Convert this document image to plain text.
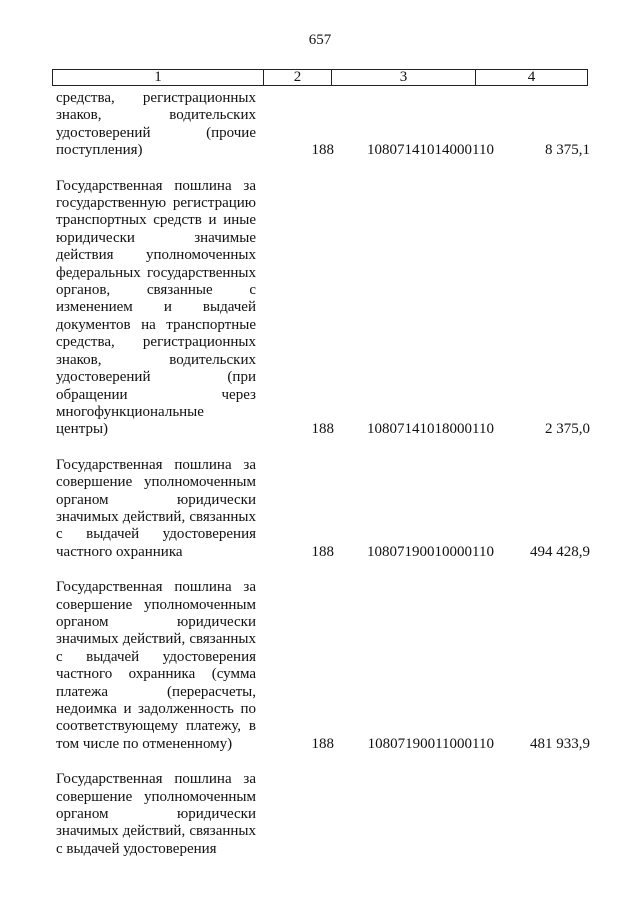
657
1	2	3	4
средства, регистрационных
знаков, водительских
удостоверений (прочие
поступления)	188	10807141014000110	8 375,1
Государственная пошлина за
государственную регистрацию
транспортных средств и иные
юридически значимые
действия уполномоченных
федеральных государственных
органов, связанные с
изменением и выдачей
документов на транспортные
средства, регистрационных
знаков, водительских
удостоверений (при
обращении через
многофункциональные
центры)	188	10807141018000110	2 375,0
Государственная пошлина за
совершение уполномоченным
органом юридически
значимых действий, связанных
с выдачей удостоверения
частного охранника	188	10807190010000110	494 428,9
Государственная пошлина за
совершение уполномоченным
органом юридически
значимых действий, связанных
с выдачей удостоверения
частного охранника (сумма
платежа (перерасчеты,
недоимка и задолженность по
соответствующему платежу, в
том числе по отмененному)	188	10807190011000110	481 933,9
Государственная пошлина за
совершение уполномоченным
органом юридически
значимых действий, связанных
с выдачей удостоверения
